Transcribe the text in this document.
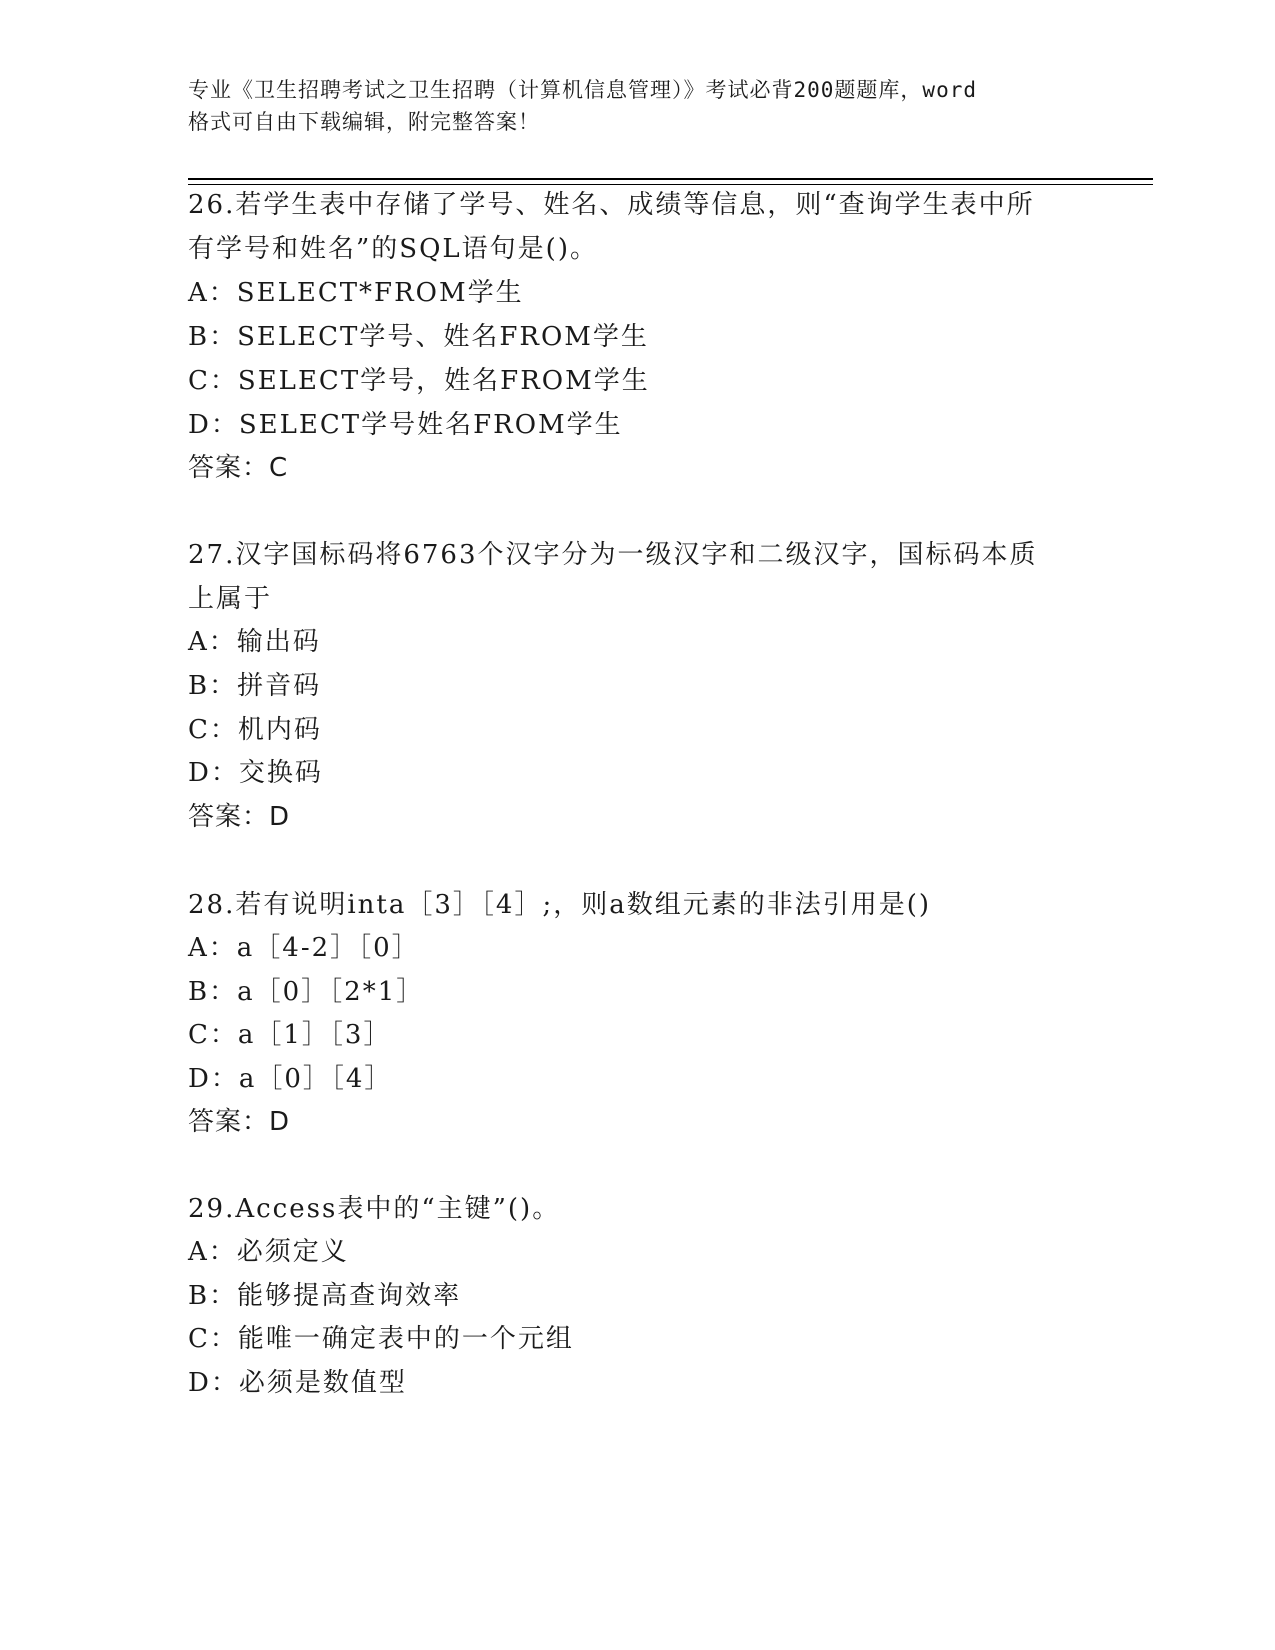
专业《卫生招聘考试之卫生招聘（计算机信息管理）》考试必背200题题库，word
格式可自由下载编辑，附完整答案！
26.若学生表中存储了学号、姓名、成绩等信息，则“查询学生表中所
有学号和姓名”的SQL语句是()。
A：SELECT*FROM学生
B：SELECT学号、姓名FROM学生
C：SELECT学号，姓名FROM学生
D：SELECT学号姓名FROM学生
答案：C
27.汉字国标码将6763个汉字分为一级汉字和二级汉字，国标码本质
上属于
A：输出码
B：拼音码
C：机内码
D：交换码
答案：D
28.若有说明inta［3］［4］;，则a数组元素的非法引用是()
A：a［4-2］［0］
B：a［0］［2*1］
C：a［1］［3］
D：a［0］［4］
答案：D
29.Access表中的“主键”()。
A：必须定义
B：能够提高查询效率
C：能唯一确定表中的一个元组
D：必须是数值型
